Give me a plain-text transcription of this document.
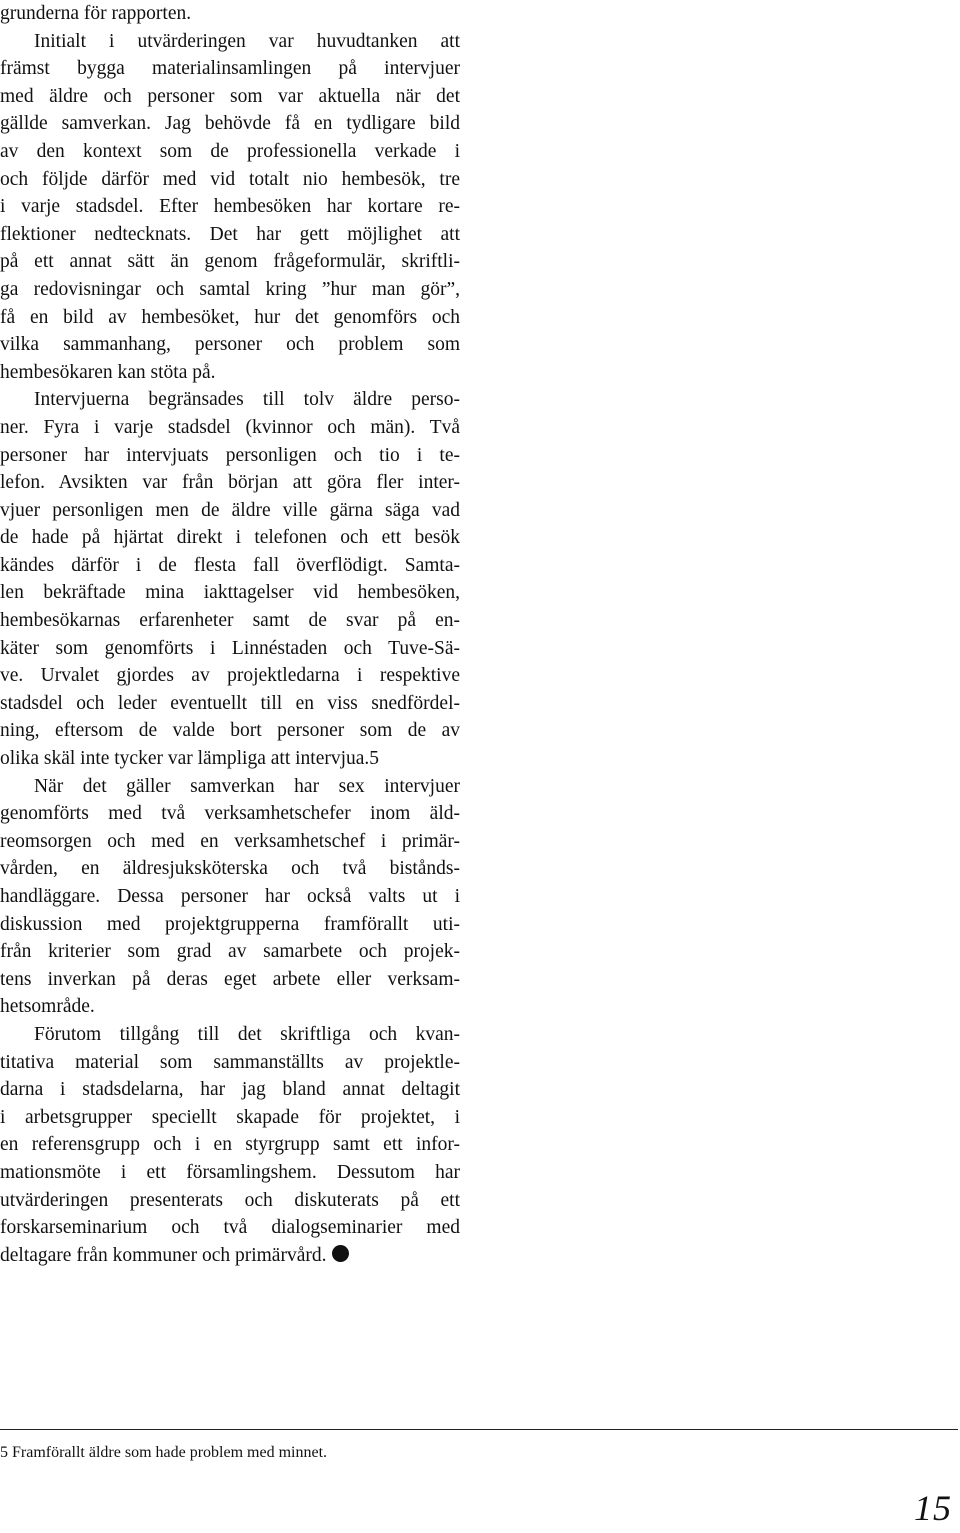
grunderna för rapporten.
Initialt i utvärderingen var huvudtanken att
främst bygga materialinsamlingen på intervjuer
med äldre och personer som var aktuella när det
gällde samverkan. Jag behövde få en tydligare bild
av den kontext som de professionella verkade i
och följde därför med vid totalt nio hembesök, tre
i varje stadsdel. Efter hembesöken har kortare re-
flektioner nedtecknats. Det har gett möjlighet att
på ett annat sätt än genom frågeformulär, skriftli-
ga redovisningar och samtal kring ”hur man gör”,
få en bild av hembesöket, hur det genomförs och
vilka sammanhang, personer och problem som
hembesökaren kan stöta på.
Intervjuerna begränsades till tolv äldre perso-
ner. Fyra i varje stadsdel (kvinnor och män). Två
personer har intervjuats personligen och tio i te-
lefon. Avsikten var från början att göra fler inter-
vjuer personligen men de äldre ville gärna säga vad
de hade på hjärtat direkt i telefonen och ett besök
kändes därför i de flesta fall överflödigt. Samta-
len bekräftade mina iakttagelser vid hembesöken,
hembesökarnas erfarenheter samt de svar på en-
käter som genomförts i Linnéstaden och Tuve-Sä-
ve. Urvalet gjordes av projektledarna i respektive
stadsdel och leder eventuellt till en viss snedfördel-
ning, eftersom de valde bort personer som de av
olika skäl inte tycker var lämpliga att intervjua.5
När det gäller samverkan har sex intervjuer
genomförts med två verksamhetschefer inom äld-
reomsorgen och med en verksamhetschef i primär-
vården, en äldresjuksköterska och två bistånds-
handläggare. Dessa personer har också valts ut i
diskussion med projektgrupperna framförallt uti-
från kriterier som grad av samarbete och projek-
tens inverkan på deras eget arbete eller verksam-
hetsområde.
Förutom tillgång till det skriftliga och kvan-
titativa material som sammanställts av projektle-
darna i stadsdelarna, har jag bland annat deltagit
i arbetsgrupper speciellt skapade för projektet, i
en referensgrupp och i en styrgrupp samt ett infor-
mationsmöte i ett församlingshem. Dessutom har
utvärderingen presenterats och diskuterats på ett
forskarseminarium och två dialogseminarier med
deltagare från kommuner och primärvård.
5 Framförallt äldre som hade problem med minnet.
15
